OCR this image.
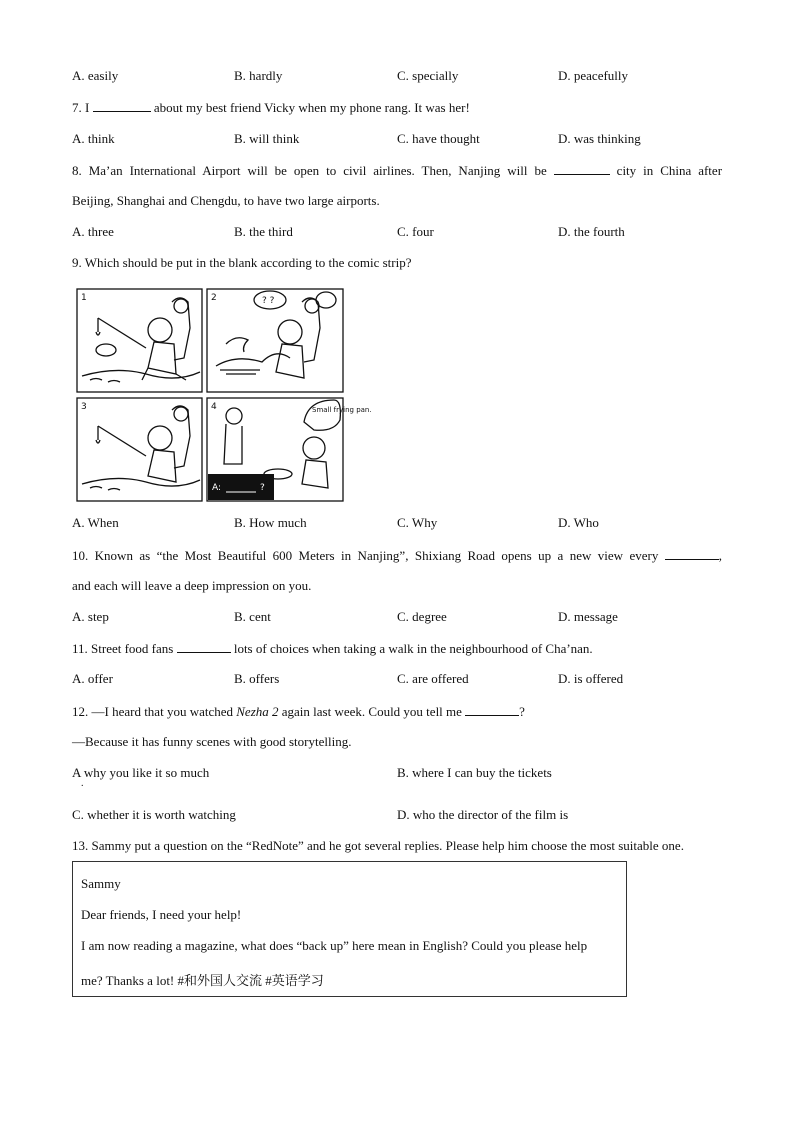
A. easily	B. hardly	C. specially	D. peacefully
7. I	about my best friend Vicky when my phone rang. It was her!
A. think	B. will think	C. have thought	D. was thinking
8. Ma’an International Airport will be open to civil airlines. Then, Nanjing will be	city in China after
Beijing, Shanghai and Chengdu, to have two large airports.
A. three	B. the third	C. four	D. the fourth
9. Which should be put in the blank according to the comic strip?
1	2
3	4
? ?
Small frying pan.
A:	?
A. When	B. How much	C. Why	D. Who
10. Known as “the Most Beautiful 600 Meters in Nanjing”, Shixiang Road opens up a new view every	,
and each will leave a deep impression on you.
A. step	B. cent	C. degree	D. message
11. Street food fans	lots of choices when taking a walk in the neighbourhood of Cha’nan.
A. offer	B. offers	C. are offered	D. is offered
12. —I heard that you watched Nezha 2 again last week. Could you tell me	?
—Because it has funny scenes with good storytelling.
A why you like it so much
.
B. where I can buy the tickets
C. whether it is worth watching	D. who the director of the film is
13. Sammy put a question on the “RedNote” and he got several replies. Please help him choose the most suitable one.
Sammy
Dear friends, I need your help!
I am now reading a magazine, what does “back up” here mean in English? Could you please help
me? Thanks a lot! #和外国人交流 #英语学习
